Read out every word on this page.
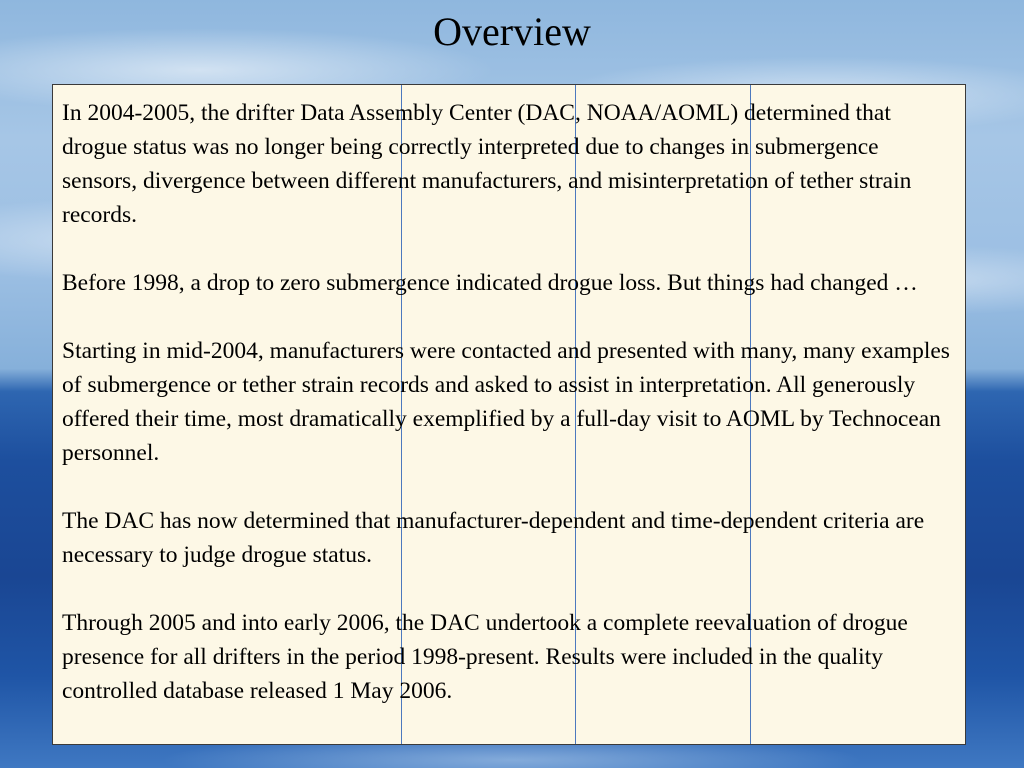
Overview

In 2004-2005, the drifter Data Assembly Center (DAC, NOAA/AOML) determined that drogue status was no longer being correctly interpreted due to changes in submergence sensors, divergence between different manufacturers, and misinterpretation of tether strain records.

Before 1998, a drop to zero submergence indicated drogue loss. But things had changed …

Starting in mid-2004, manufacturers were contacted and presented with many, many examples of submergence or tether strain records and asked to assist in interpretation. All generously offered their time, most dramatically exemplified by a full-day visit to AOML by Technocean personnel.

The DAC has now determined that manufacturer-dependent and time-dependent criteria are necessary to judge drogue status.

Through 2005 and into early 2006, the DAC undertook a complete reevaluation of drogue presence for all drifters in the period 1998-present. Results were included in the quality controlled database released 1 May 2006.
